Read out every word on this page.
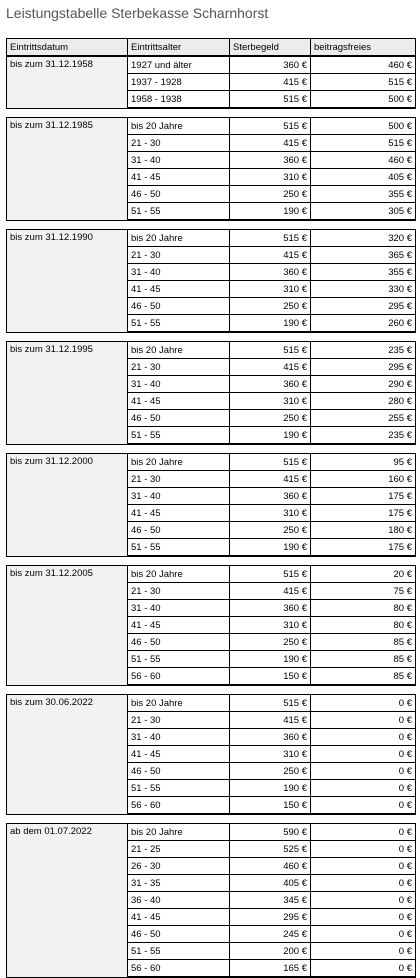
Leistungstabelle Sterbekasse Scharnhorst
Eintrittsdatum	Eintrittsalter	Sterbegeld	beitragsfreies
bis zum 31.12.1958	1927 und älter	360 €	460 €
	1937 - 1928	415 €	515 €
	1958 - 1938	515 €	500 €

bis zum 31.12.1985	bis 20 Jahre	515 €	500 €
	21 - 30	415 €	515 €
	31 - 40	360 €	460 €
	41 - 45	310 €	405 €
	46 - 50	250 €	355 €
	51 - 55	190 €	305 €

bis zum 31.12.1990	bis 20 Jahre	515 €	320 €
	21 - 30	415 €	365 €
	31 - 40	360 €	355 €
	41 - 45	310 €	330 €
	46 - 50	250 €	295 €
	51 - 55	190 €	260 €

bis zum 31.12.1995	bis 20 Jahre	515 €	235 €
	21 - 30	415 €	295 €
	31 - 40	360 €	290 €
	41 - 45	310 €	280 €
	46 - 50	250 €	255 €
	51 - 55	190 €	235 €

bis zum 31.12.2000	bis 20 Jahre	515 €	95 €
	21 - 30	415 €	160 €
	31 - 40	360 €	175 €
	41 - 45	310 €	175 €
	46 - 50	250 €	180 €
	51 - 55	190 €	175 €

bis zum 31.12.2005	bis 20 Jahre	515 €	20 €
	21 - 30	415 €	75 €
	31 - 40	360 €	80 €
	41 - 45	310 €	80 €
	46 - 50	250 €	85 €
	51 - 55	190 €	85 €
	56 - 60	150 €	85 €

bis zum 30.06.2022	bis 20 Jahre	515 €	0 €
	21 - 30	415 €	0 €
	31 - 40	360 €	0 €
	41 - 45	310 €	0 €
	46 - 50	250 €	0 €
	51 - 55	190 €	0 €
	56 - 60	150 €	0 €

ab dem 01.07.2022	bis 20 Jahre	590 €	0 €
	21 - 25	525 €	0 €
	26 - 30	460 €	0 €
	31 - 35	405 €	0 €
	36 - 40	345 €	0 €
	41 - 45	295 €	0 €
	46 - 50	245 €	0 €
	51 - 55	200 €	0 €
	56 - 60	165 €	0 €
